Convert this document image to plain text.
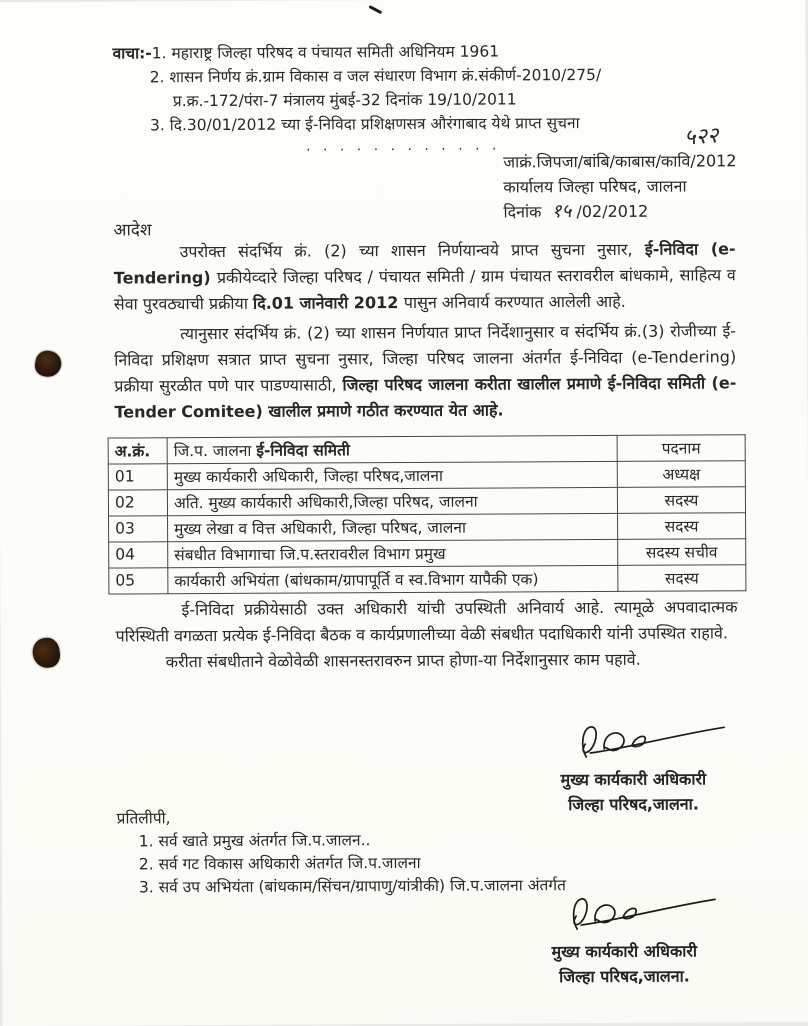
वाचा:-1. महाराष्ट्र जिल्हा परिषद व पंचायत समिती अधिनियम 1961
2. शासन निर्णय क्रं.ग्राम विकास व जल संधारण विभाग क्रं.संकीर्ण-2010/275/
प्र.क्र.-172/पंरा-7 मंत्रालय मुंबई-32 दिनांक 19/10/2011
3. दि.30/01/2012 च्या ई-निविदा प्रशिक्षणसत्र औरंगाबाद येथे प्राप्त सुचना
. . . . . . . . . . . .	५२२
जाक्रं.जिपजा/बांबि/काबास/कावि/2012
कार्यालय जिल्हा परिषद, जालना
दिनांक १५ /02/2012
आदेश
उपरोक्त संदर्भिय क्रं. (2) च्या शासन निर्णयान्वये प्राप्त सुचना नुसार, ई-निविदा (e-Tendering) प्रकीयेव्दारे जिल्हा परिषद / पंचायत समिती / ग्राम पंचायत स्तरावरील बांधकामे, साहित्य व सेवा पुरवठ्याची प्रक्रीया दि.01 जानेवारी 2012 पासुन अनिवार्य करण्यात आलेली आहे.
त्यानुसार संदर्भिय क्रं. (2) च्या शासन निर्णयात प्राप्त निर्देशानुसार व संदर्भिय क्रं.(3) रोजीच्या ई-निविदा प्रशिक्षण सत्रात प्राप्त सुचना नुसार, जिल्हा परिषद जालना अंतर्गत ई-निविदा (e-Tendering) प्रक्रीया सुरळीत पणे पार पाडण्यासाठी, जिल्हा परिषद जालना करीता खालील प्रमाणे ई-निविदा समिती (e-Tender Comitee) खालील प्रमाणे गठीत करण्यात येत आहे.
अ.क्रं.	जि.प. जालना ई-निविदा समिती	पदनाम
01	मुख्य कार्यकारी अधिकारी, जिल्हा परिषद,जालना	अध्यक्ष
02	अति. मुख्य कार्यकारी अधिकारी,जिल्हा परिषद, जालना	सदस्य
03	मुख्य लेखा व वित्त अधिकारी, जिल्हा परिषद, जालना	सदस्य
04	संबधीत विभागाचा जि.प.स्तरावरील विभाग प्रमुख	सदस्य सचीव
05	कार्यकारी अभियंता (बांधकाम/ग्रापापूर्ति व स्व.विभाग यापैकी एक)	सदस्य
ई-निविदा प्रक्रीयेसाठी उक्त अधिकारी यांची उपस्थिती अनिवार्य आहे. त्यामूळे अपवादात्मक परिस्थिती वगळता प्रत्येक ई-निविदा बैठक व कार्यप्रणालीच्या वेळी संबधीत पदाधिकारी यांनी उपस्थित राहावे.
करीता संबधीताने वेळोवेळी शासनस्तरावरुन प्राप्त होणा-या निर्देशानुसार काम पहावे.
मुख्य कार्यकारी अधिकारी
जिल्हा परिषद,जालना.
प्रतिलीपी,
1. सर्व खाते प्रमुख अंतर्गत जि.प.जालन..
2. सर्व गट विकास अधिकारी अंतर्गत जि.प.जालना
3. सर्व उप अभियंता (बांधकाम/सिंचन/ग्रापाणु/यांत्रीकी) जि.प.जालना अंतर्गत
मुख्य कार्यकारी अधिकारी
जिल्हा परिषद,जालना.
